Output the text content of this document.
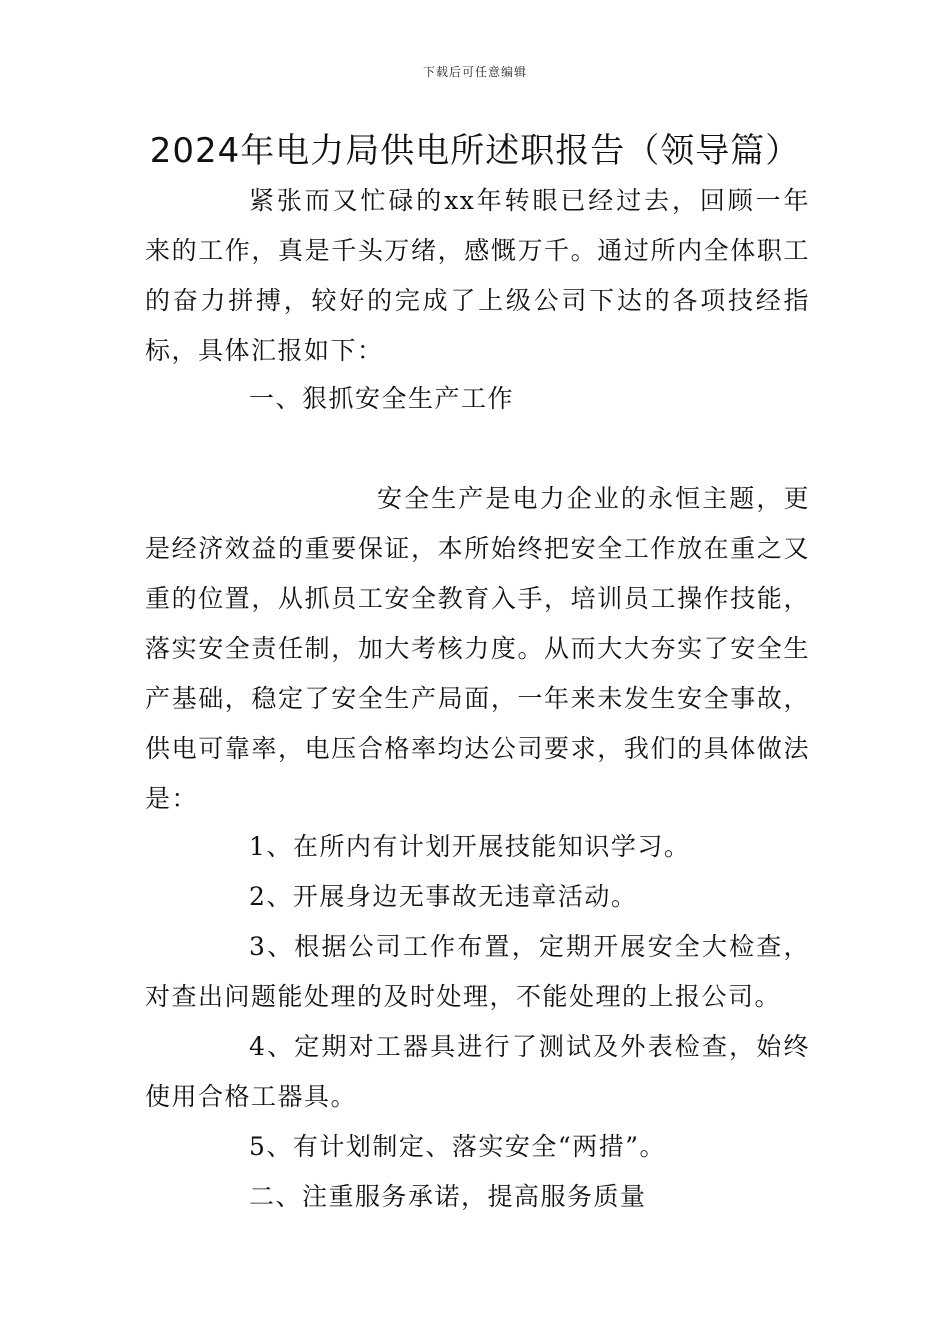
下载后可任意编辑
2024年电力局供电所述职报告（领导篇）

紧张而又忙碌的xx年转眼已经过去，回顾一年来的工作，真是千头万绪，感慨万千。通过所内全体职工的奋力拼搏，较好的完成了上级公司下达的各项技经指标，具体汇报如下：

一、狠抓安全生产工作

安全生产是电力企业的永恒主题，更是经济效益的重要保证，本所始终把安全工作放在重之又重的位置，从抓员工安全教育入手，培训员工操作技能，落实安全责任制，加大考核力度。从而大大夯实了安全生产基础，稳定了安全生产局面，一年来未发生安全事故，供电可靠率，电压合格率均达公司要求，我们的具体做法是：

1、在所内有计划开展技能知识学习。

2、开展身边无事故无违章活动。

3、根据公司工作布置，定期开展安全大检查，对查出问题能处理的及时处理，不能处理的上报公司。

4、定期对工器具进行了测试及外表检查，始终使用合格工器具。

5、有计划制定、落实安全“两措”。

二、注重服务承诺，提高服务质量
